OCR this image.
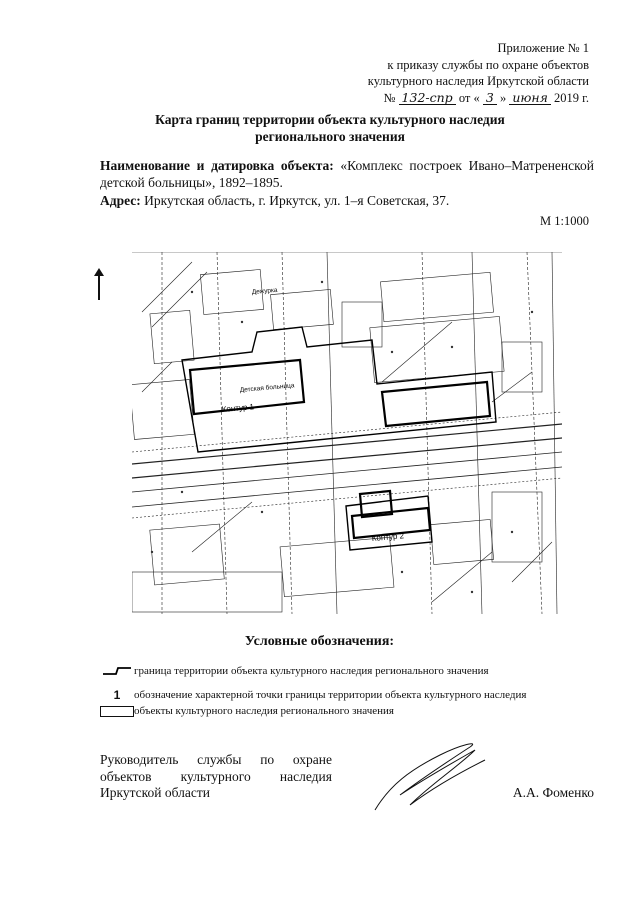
Приложение № 1
к приказу службы по охране объектов
культурного наследия Иркутской области
№ 132-спр от « 3 » июня 2019 г.
Карта границ территории объекта культурного наследия
регионального значения
Наименование и датировка объекта: «Комплекс построек Ивано–Матрененской детской больницы», 1892–1895.
Адрес: Иркутская область, г. Иркутск, ул. 1–я Советская, 37.
М 1:1000
Детская больница
Дежурка
Контур 1
Контур 2
Условные обозначения:
граница территории объекта культурного наследия регионального значения
1	обозначение характерной точки границы территории объекта культурного наследия
объекты культурного наследия регионального значения
Руководитель службы по охране
объектов культурного наследия
Иркутской области	А.А. Фоменко
